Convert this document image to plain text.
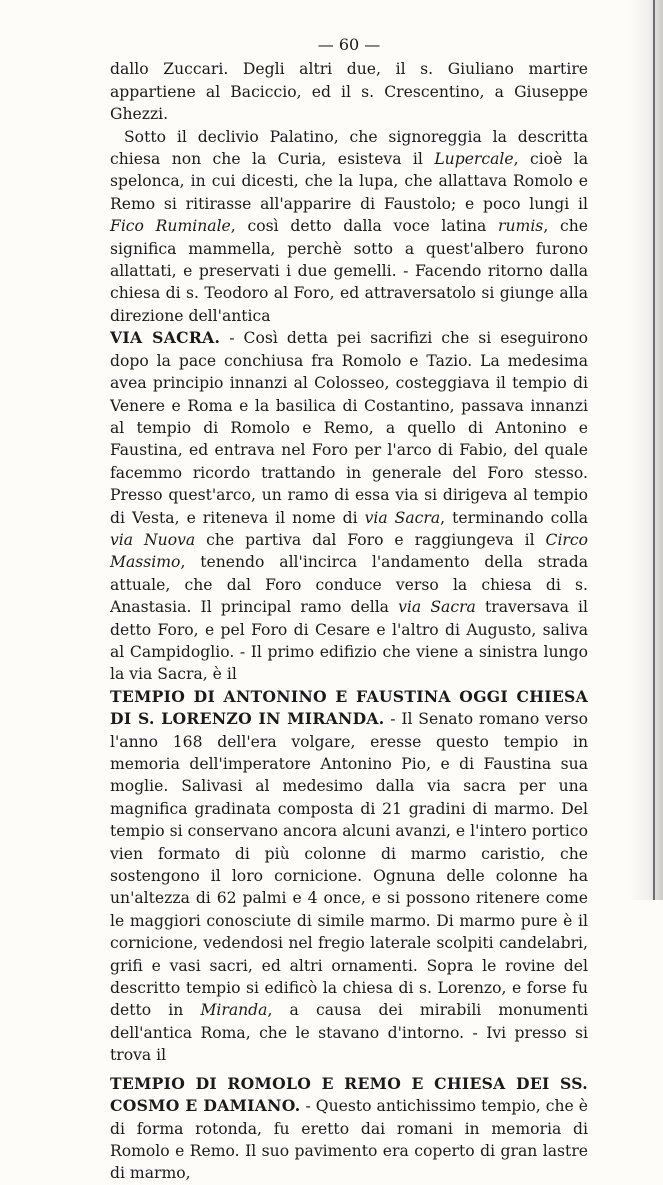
— 60 —

dallo Zuccari. Degli altri due, il s. Giuliano martire appartiene al Baciccio, ed il s. Crescentino, a Giuseppe Ghezzi.

Sotto il declivio Palatino, che signoreggia la descritta chiesa non che la Curia, esisteva il Lupercale, cioè la spelonca, in cui dicesti, che la lupa, che allattava Romolo e Remo si ritirasse all'apparire di Faustolo; e poco lungi il Fico Ruminale, così detto dalla voce latina rumis, che significa mammella, perchè sotto a quest'albero furono allattati, e preservati i due gemelli. - Facendo ritorno dalla chiesa di s. Teodoro al Foro, ed attraversatolo si giunge alla direzione dell'antica

VIA SACRA. - Così detta pei sacrifizi che si eseguirono dopo la pace conchiusa fra Romolo e Tazio. La medesima avea principio innanzi al Colosseo, costeggiava il tempio di Venere e Roma e la basilica di Costantino, passava innanzi al tempio di Romolo e Remo, a quello di Antonino e Faustina, ed entrava nel Foro per l'arco di Fabio, del quale facemmo ricordo trattando in generale del Foro stesso. Presso quest'arco, un ramo di essa via si dirigeva al tempio di Vesta, e riteneva il nome di via Sacra, terminando colla via Nuova che partiva dal Foro e raggiungeva il Circo Massimo, tenendo all'incirca l'andamento della strada attuale, che dal Foro conduce verso la chiesa di s. Anastasia. Il principal ramo della via Sacra traversava il detto Foro, e pel Foro di Cesare e l'altro di Augusto, saliva al Campidoglio. - Il primo edifizio che viene a sinistra lungo la via Sacra, è il

TEMPIO DI ANTONINO E FAUSTINA OGGI CHIESA DI S. LORENZO IN MIRANDA. - Il Senato romano verso l'anno 168 dell'era volgare, eresse questo tempio in memoria dell'imperatore Antonino Pio, e di Faustina sua moglie. Salivasi al medesimo dalla via sacra per una magnifica gradinata composta di 21 gradini di marmo. Del tempio si conservano ancora alcuni avanzi, e l'intero portico vien formato di più colonne di marmo caristio, che sostengono il loro cornicione. Ognuna delle colonne ha un'altezza di 62 palmi e 4 once, e si possono ritenere come le maggiori conosciute di simile marmo. Di marmo pure è il cornicione, vedendosi nel fregio laterale scolpiti candelabri, grifi e vasi sacri, ed altri ornamenti. Sopra le rovine del descritto tempio si edificò la chiesa di s. Lorenzo, e forse fu detto in Miranda, a causa dei mirabili monumenti dell'antica Roma, che le stavano d'intorno. - Ivi presso si trova il

TEMPIO DI ROMOLO E REMO E CHIESA DEI SS. COSMO E DAMIANO. - Questo antichissimo tempio, che è di forma rotonda, fu eretto dai romani in memoria di Romolo e Remo. Il suo pavimento era coperto di gran lastre di marmo,
